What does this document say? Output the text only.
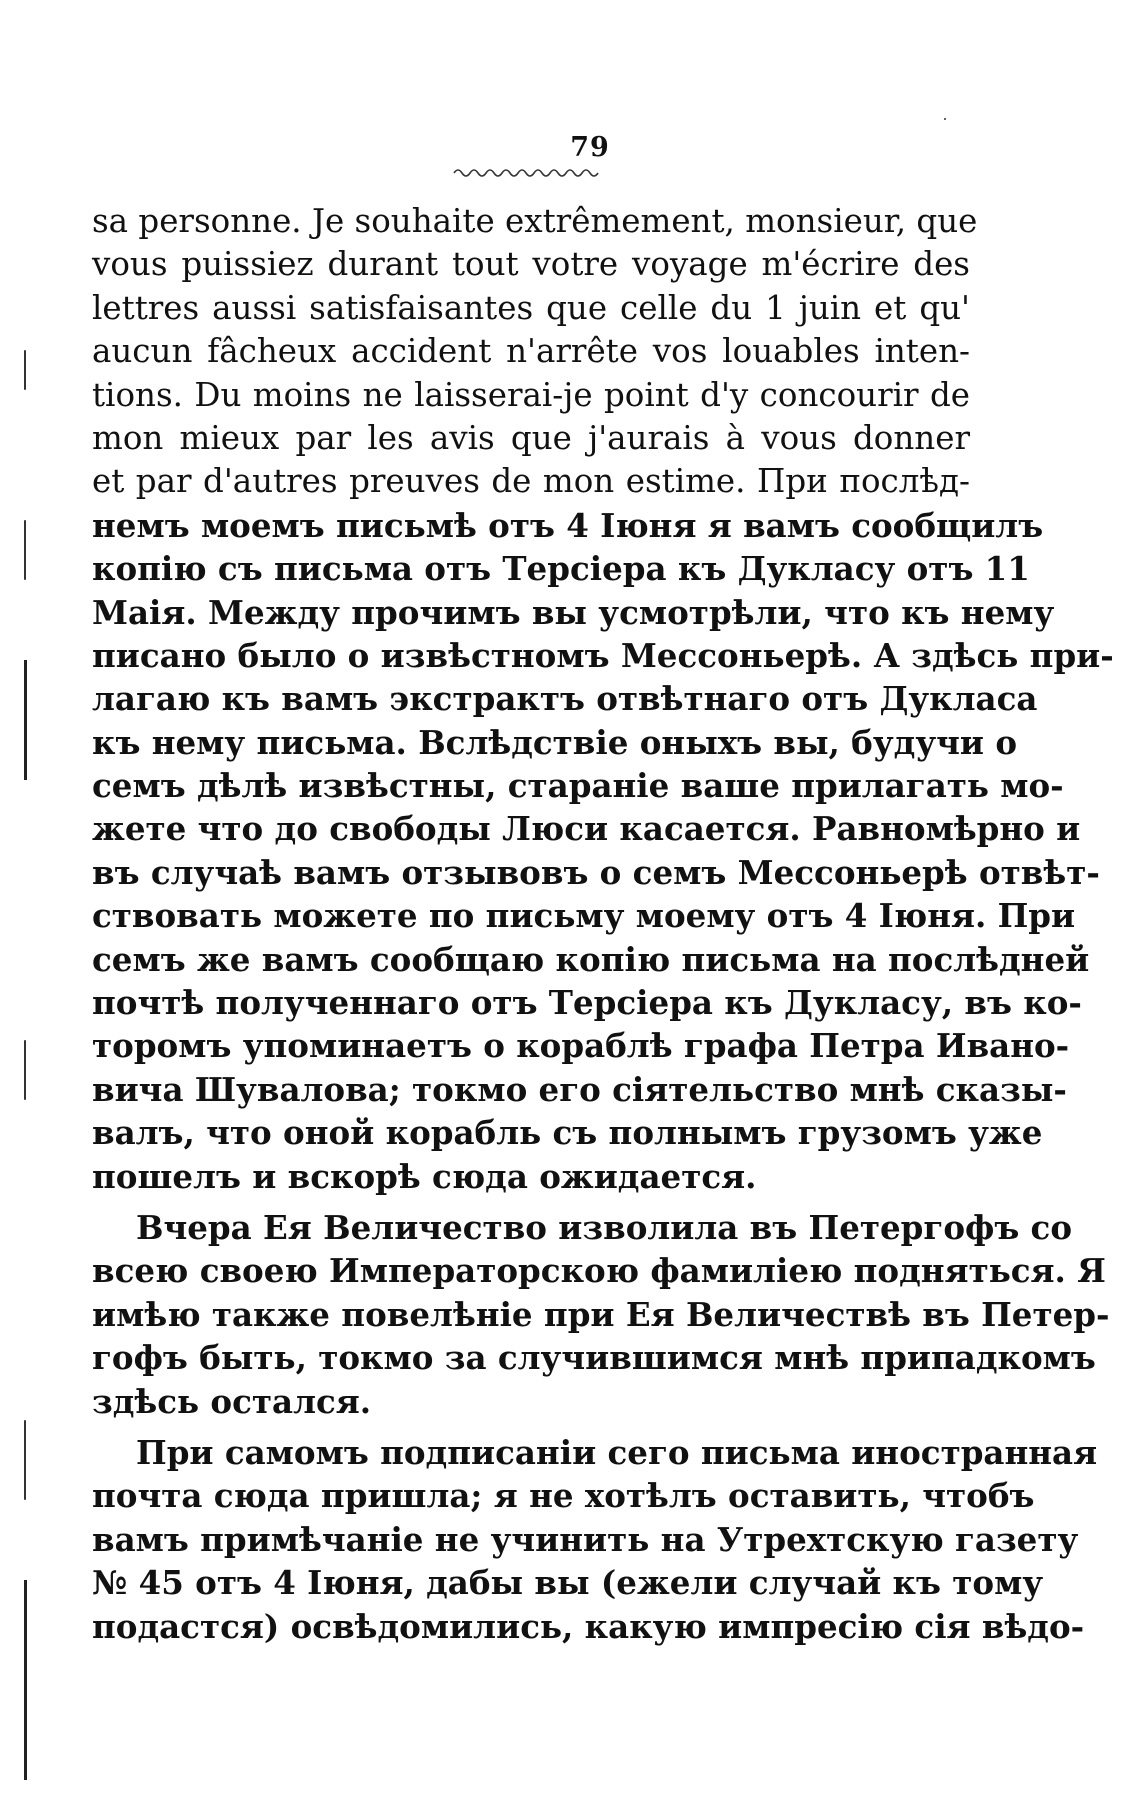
79
sa personne. Je souhaite extrêmement, monsieur, que
vous puissiez durant tout votre voyage m'écrire des
lettres aussi satisfaisantes que celle du 1 juin et qu'
aucun fâcheux accident n'arrête vos louables inten-
tions. Du moins ne laisserai-je point d'y concourir de
mon mieux par les avis que j'aurais à vous donner
et par d'autres preuves de mon estime. При послѣд-
немъ моемъ письмѣ отъ 4 Іюня я вамъ сообщилъ
копію съ письма отъ Терсіера къ Дукласу отъ 11
Маія. Между прочимъ вы усмотрѣли, что къ нему
писано было о извѣстномъ Мессоньерѣ. А здѣсь при-
лагаю къ вамъ экстрактъ отвѣтнаго отъ Дукласа
къ нему письма. Вслѣдствіе оныхъ вы, будучи о
семъ дѣлѣ извѣстны, стараніе ваше прилагать мо-
жете что до свободы Люси касается. Равномѣрно и
въ случаѣ вамъ отзывовъ о семъ Мессоньерѣ отвѣт-
ствовать можете по письму моему отъ 4 Іюня. При
семъ же вамъ сообщаю копію письма на послѣдней
почтѣ полученнаго отъ Терсіера къ Дукласу, въ ко-
торомъ упоминаетъ о кораблѣ графа Петра Ивано-
вича Шувалова; токмо его сіятельство мнѣ сказы-
валъ, что оной корабль съ полнымъ грузомъ уже
пошелъ и вскорѣ сюда ожидается.
Вчера Ея Величество изволила въ Петергофъ со
всею своею Императорскою фамиліею подняться. Я
имѣю также повелѣніе при Ея Величествѣ въ Петер-
гофъ быть, токмо за случившимся мнѣ припадкомъ
здѣсь остался.
При самомъ подписаніи сего письма иностранная
почта сюда пришла; я не хотѣлъ оставить, чтобъ
вамъ примѣчаніе не учинить на Утрехтскую газету
№ 45 отъ 4 Іюня, дабы вы (ежели случай къ тому
подастся) освѣдомились, какую импресію сія вѣдо-
